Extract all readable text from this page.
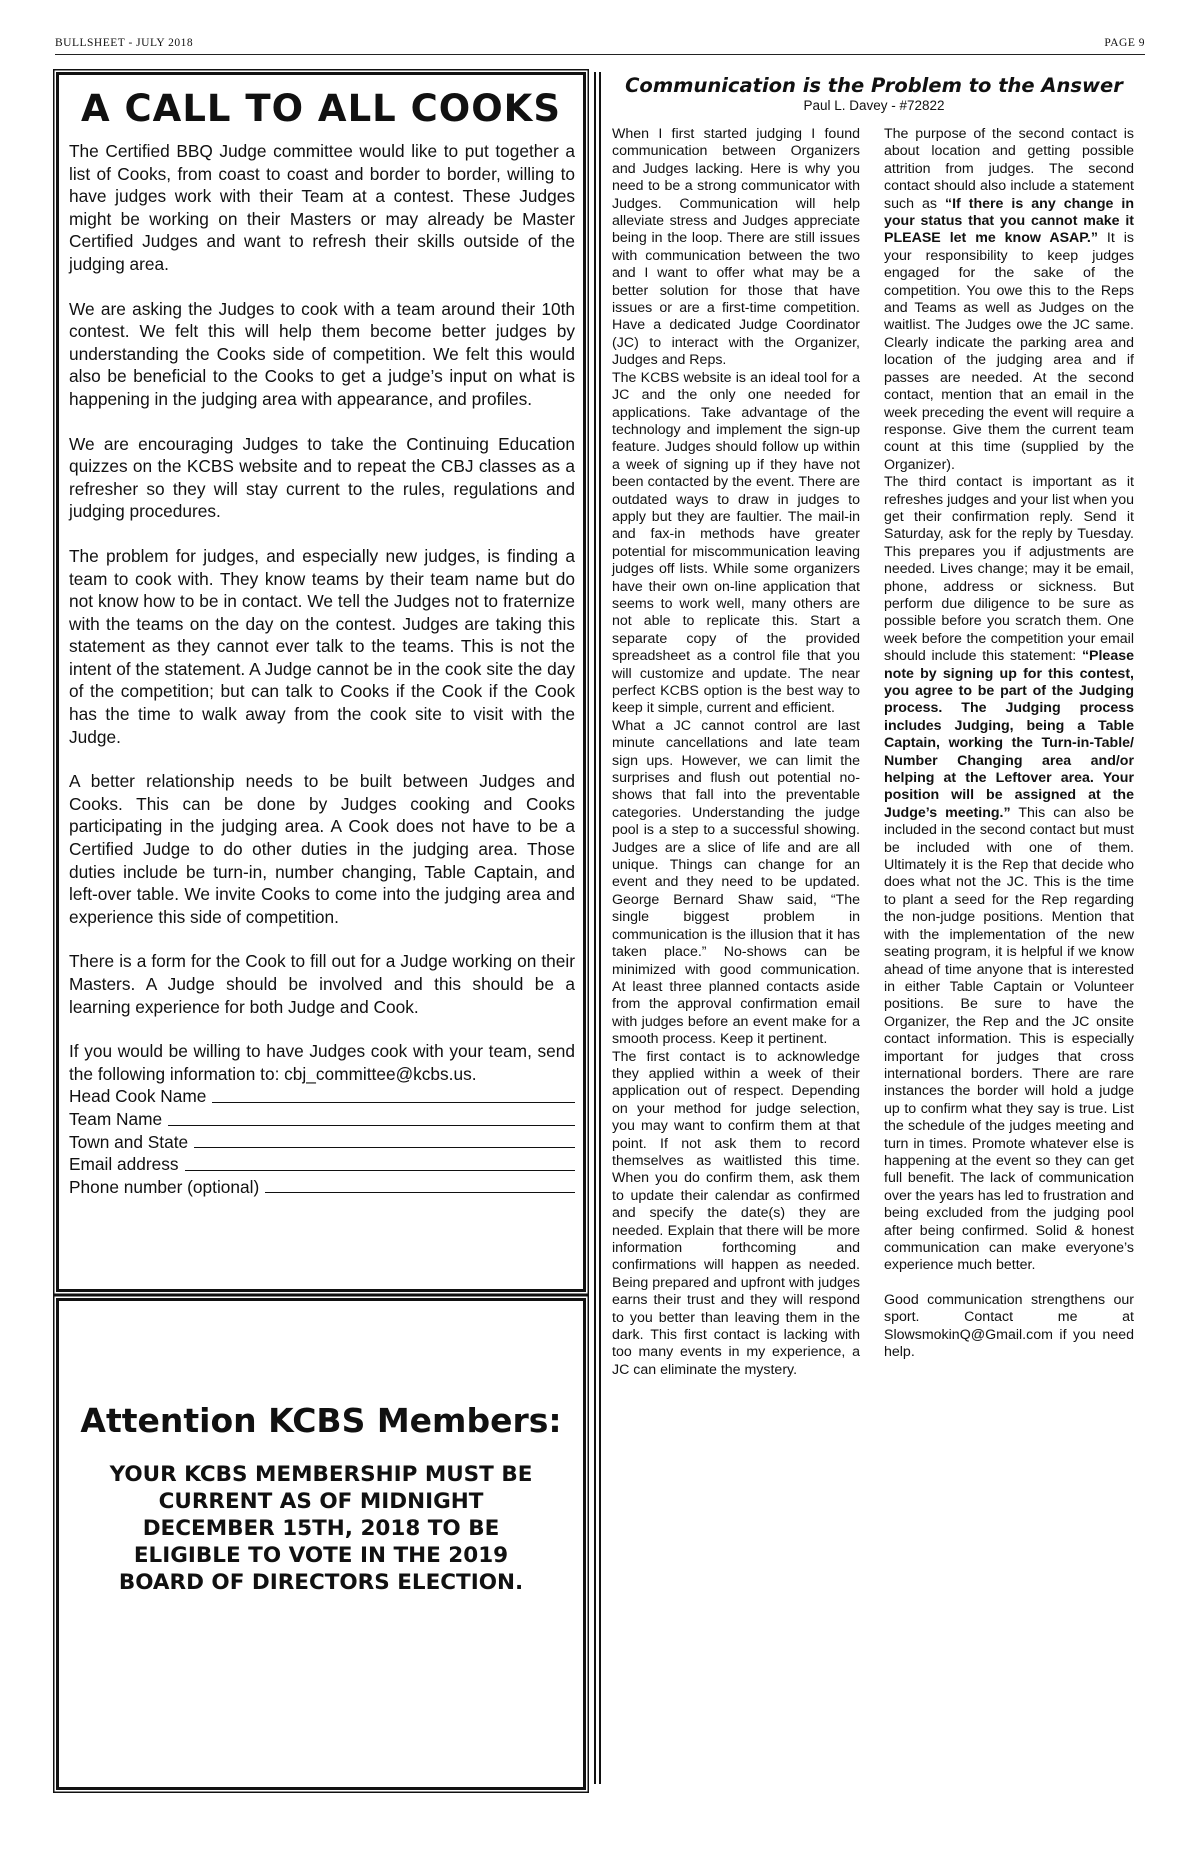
BULLSHEET - JULY 2018	PAGE 9
A CALL TO ALL COOKS

The Certified BBQ Judge committee would like to put together a list of Cooks, from coast to coast and border to border, willing to have judges work with their Team at a contest. These Judges might be working on their Masters or may already be Master Certified Judges and want to refresh their skills outside of the judging area.

We are asking the Judges to cook with a team around their 10th contest. We felt this will help them become better judges by understanding the Cooks side of competition. We felt this would also be beneficial to the Cooks to get a judge’s input on what is happening in the judging area with appearance, and profiles.

We are encouraging Judges to take the Continuing Education quizzes on the KCBS website and to repeat the CBJ classes as a refresher so they will stay current to the rules, regulations and judging procedures.

The problem for judges, and especially new judges, is finding a team to cook with. They know teams by their team name but do not know how to be in contact. We tell the Judges not to fraternize with the teams on the day on the contest. Judges are taking this statement as they cannot ever talk to the teams. This is not the intent of the statement. A Judge cannot be in the cook site the day of the competition; but can talk to Cooks if the Cook if the Cook has the time to walk away from the cook site to visit with the Judge.

A better relationship needs to be built between Judges and Cooks. This can be done by Judges cooking and Cooks participating in the judging area. A Cook does not have to be a Certified Judge to do other duties in the judging area. Those duties include be turn-in, number changing, Table Captain, and left-over table. We invite Cooks to come into the judging area and experience this side of competition.

There is a form for the Cook to fill out for a Judge working on their Masters. A Judge should be involved and this should be a learning experience for both Judge and Cook.

If you would be willing to have Judges cook with your team, send the following information to: cbj_committee@kcbs.us.

Head Cook Name
Team Name
Town and State
Email address
Phone number (optional)
Attention KCBS Members:
YOUR KCBS MEMBERSHIP MUST BE CURRENT AS OF MIDNIGHT DECEMBER 15TH, 2018 TO BE ELIGIBLE TO VOTE IN THE 2019 BOARD OF DIRECTORS ELECTION.
Communication is the Problem to the Answer
Paul L. Davey - #72822

When I first started judging I found communication between Organizers and Judges lacking. Here is why you need to be a strong communicator with Judges. Communication will help alleviate stress and Judges appreciate being in the loop. There are still issues with communication between the two and I want to offer what may be a better solution for those that have issues or are a first-time competition. Have a dedicated Judge Coordinator (JC) to interact with the Organizer, Judges and Reps.

The KCBS website is an ideal tool for a JC and the only one needed for applications. Take advantage of the technology and implement the sign-up feature. Judges should follow up within a week of signing up if they have not been contacted by the event. There are outdated ways to draw in judges to apply but they are faultier. The mail-in and fax-in methods have greater potential for miscommunication leaving judges off lists. While some organizers have their own on-line application that seems to work well, many others are not able to replicate this. Start a separate copy of the provided spreadsheet as a control file that you will customize and update. The near perfect KCBS option is the best way to keep it simple, current and efficient.

What a JC cannot control are last minute cancellations and late team sign ups. However, we can limit the surprises and flush out potential no-shows that fall into the preventable categories. Understanding the judge pool is a step to a successful showing. Judges are a slice of life and are all unique. Things can change for an event and they need to be updated. George Bernard Shaw said, “The single biggest problem in communication is the illusion that it has taken place.” No-shows can be minimized with good communication. At least three planned contacts aside from the approval confirmation email with judges before an event make for a smooth process. Keep it pertinent.

The first contact is to acknowledge they applied within a week of their application out of respect. Depending on your method for judge selection, you may want to confirm them at that point. If not ask them to record themselves as waitlisted this time. When you do confirm them, ask them to update their calendar as confirmed and specify the date(s) they are needed. Explain that there will be more information forthcoming and confirmations will happen as needed. Being prepared and upfront with judges earns their trust and they will respond to you better than leaving them in the dark. This first contact is lacking with too many events in my experience, a JC can eliminate the mystery.

The purpose of the second contact is about location and getting possible attrition from judges. The second contact should also include a statement such as “If there is any change in your status that you cannot make it PLEASE let me know ASAP.” It is your responsibility to keep judges engaged for the sake of the competition. You owe this to the Reps and Teams as well as Judges on the waitlist. The Judges owe the JC same. Clearly indicate the parking area and location of the judging area and if passes are needed. At the second contact, mention that an email in the week preceding the event will require a response. Give them the current team count at this time (supplied by the Organizer).

The third contact is important as it refreshes judges and your list when you get their confirmation reply. Send it Saturday, ask for the reply by Tuesday. This prepares you if adjustments are needed. Lives change; may it be email, phone, address or sickness. But perform due diligence to be sure as possible before you scratch them. One week before the competition your email should include this statement: “Please note by signing up for this contest, you agree to be part of the Judging process. The Judging process includes Judging, being a Table Captain, working the Turn-in-Table/ Number Changing area and/or helping at the Leftover area. Your position will be assigned at the Judge’s meeting.” This can also be included in the second contact but must be included with one of them. Ultimately it is the Rep that decide who does what not the JC. This is the time to plant a seed for the Rep regarding the non-judge positions. Mention that with the implementation of the new seating program, it is helpful if we know ahead of time anyone that is interested in either Table Captain or Volunteer positions. Be sure to have the Organizer, the Rep and the JC onsite contact information. This is especially important for judges that cross international borders. There are rare instances the border will hold a judge up to confirm what they say is true. List the schedule of the judges meeting and turn in times. Promote whatever else is happening at the event so they can get full benefit. The lack of communication over the years has led to frustration and being excluded from the judging pool after being confirmed. Solid & honest communication can make everyone’s experience much better.

Good communication strengthens our sport. Contact me at SlowsmokinQ@Gmail.com if you need help.
